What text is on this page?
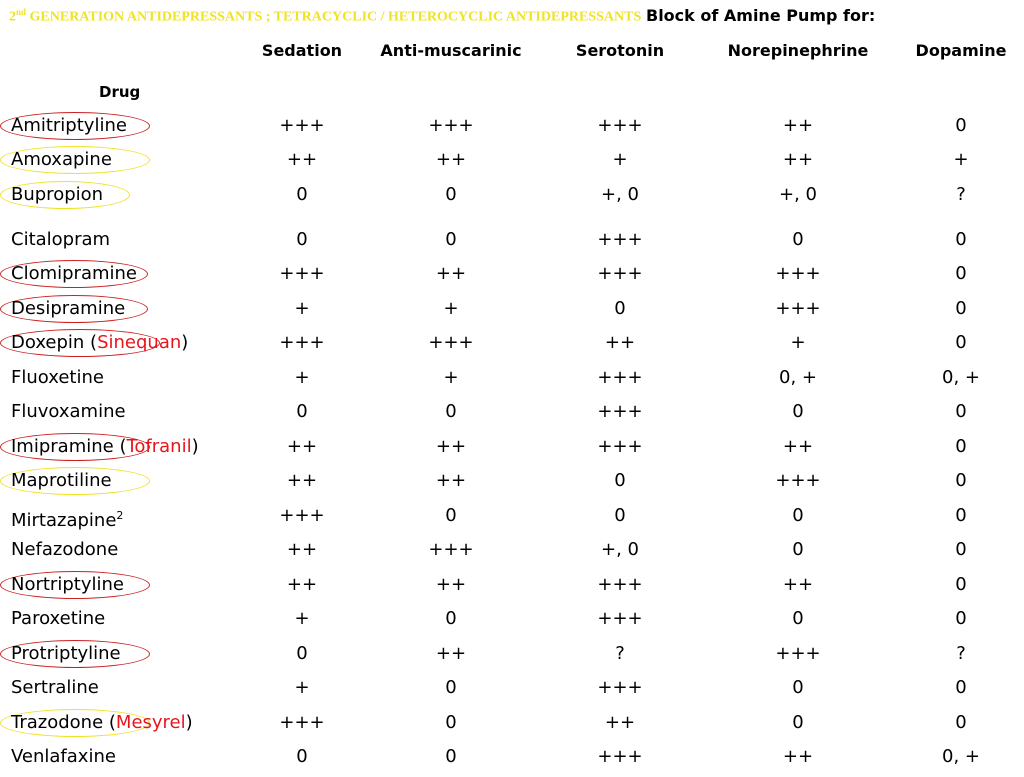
2nd GENERATION ANTIDEPRESSANTS ; TETRACYCLIC / HETEROCYCLIC ANTIDEPRESSANTS Block of Amine Pump for:
Sedation Anti-muscarinic	Serotonin	Norepinephrine	Dopamine
Drug
Amitriptyline	+++	+++	+++	++	0
Amoxapine	++	++	+	++	+
Bupropion	0	0	+, 0	+, 0	?
Citalopram	0	0	+++	0	0
Clomipramine	+++	++	+++	+++	0
Desipramine	+	+	0	+++	0
Doxepin (Sinequan)	+++	+++	++	+	0
Fluoxetine	+	+	+++	0, +	0, +
Fluvoxamine	0	0	+++	0	0
Imipramine (Tofranil)	++	++	+++	++	0
Maprotiline	++	++	0	+++	0
Mirtazapine$^2$	+++	0	0	0	0
Nefazodone	++	+++	+, 0	0	0
Nortriptyline	++	++	+++	++	0
Paroxetine	+	0	+++	0	0
Protriptyline	0	++	?	+++	?
Sertraline	+	0	+++	0	0
Trazodone (Mesyrel)	+++	0	++	0	0
Venlafaxine	0	0	+++	++	0, +
